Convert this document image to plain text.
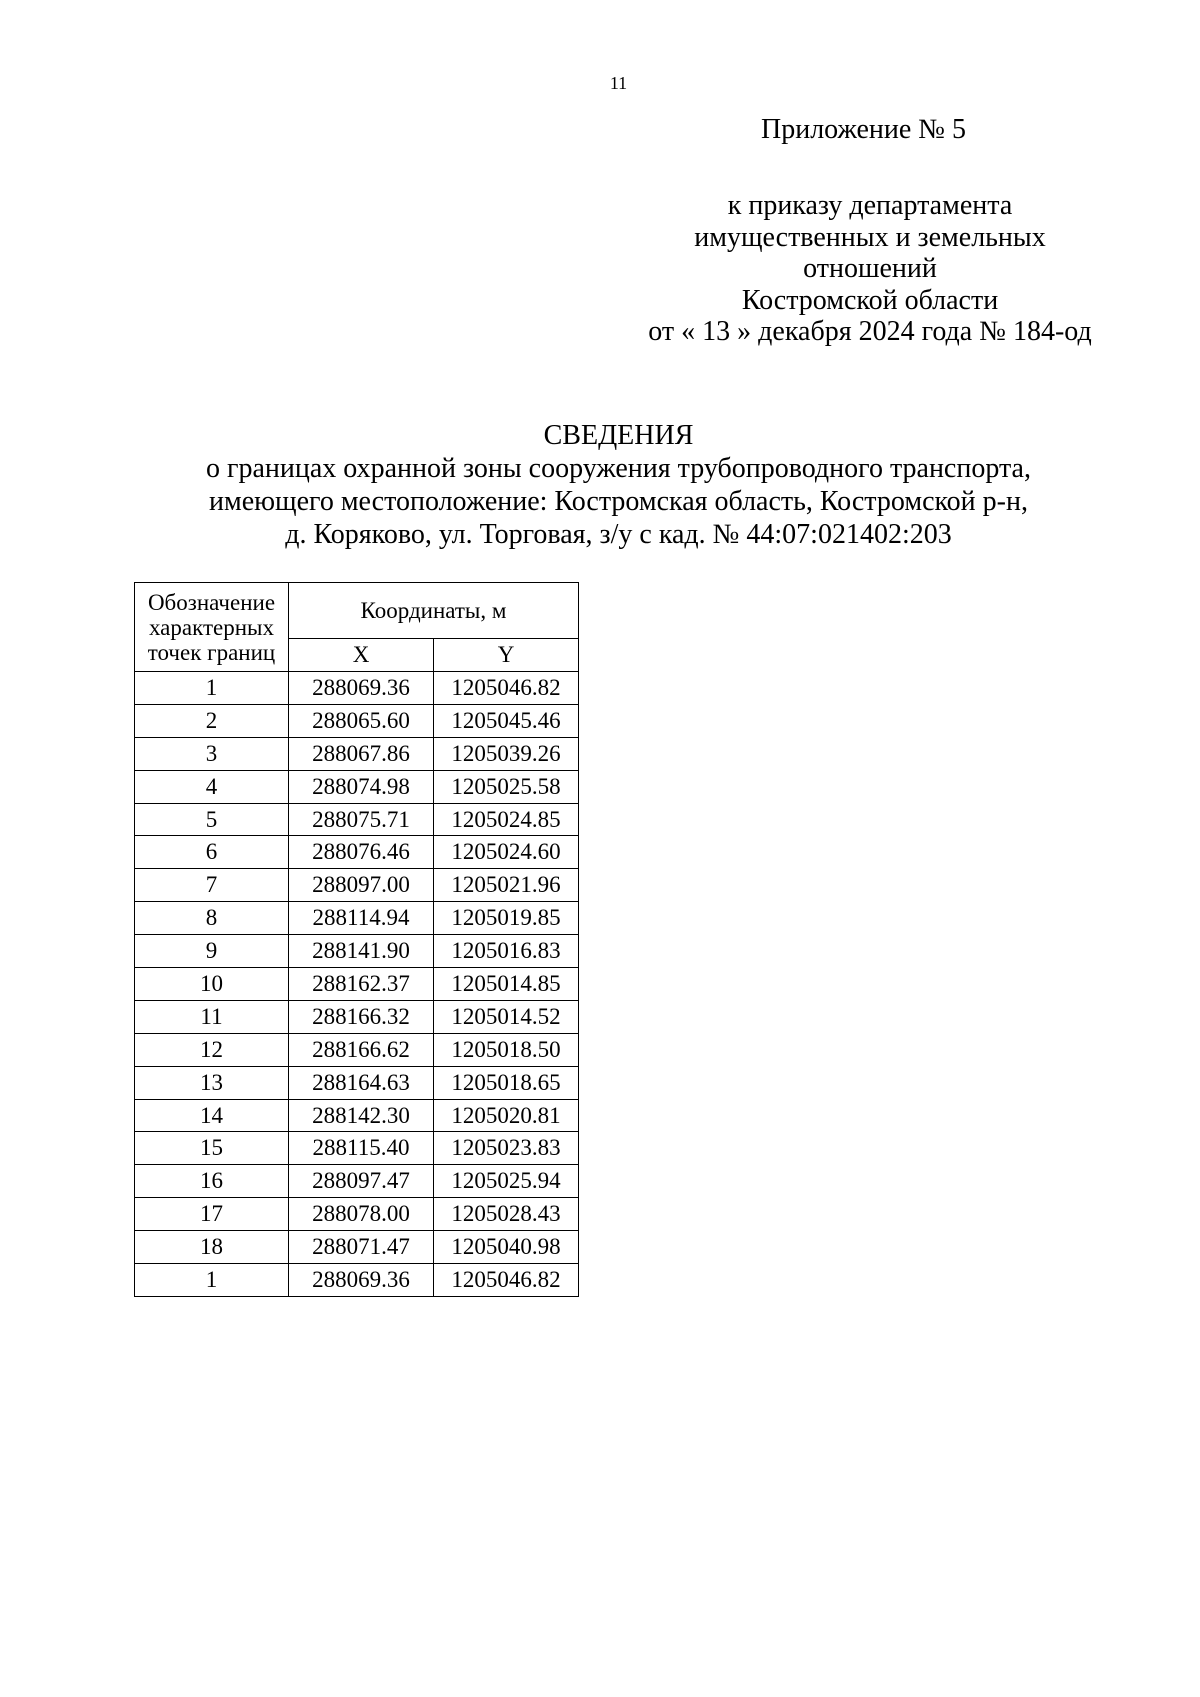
11
Приложение № 5
к приказу департамента
имущественных и земельных
отношений
Костромской области
от « 13 » декабря 2024 года № 184-од
СВЕДЕНИЯ
о границах охранной зоны сооружения трубопроводного транспорта,
имеющего местоположение: Костромская область, Костромской р-н,
д. Коряково, ул. Торговая, з/у с кад. № 44:07:021402:203
Обозначение
характерных
точек границ	Координаты, м	
	X	Y
1	288069.36	1205046.82
2	288065.60	1205045.46
3	288067.86	1205039.26
4	288074.98	1205025.58
5	288075.71	1205024.85
6	288076.46	1205024.60
7	288097.00	1205021.96
8	288114.94	1205019.85
9	288141.90	1205016.83
10	288162.37	1205014.85
11	288166.32	1205014.52
12	288166.62	1205018.50
13	288164.63	1205018.65
14	288142.30	1205020.81
15	288115.40	1205023.83
16	288097.47	1205025.94
17	288078.00	1205028.43
18	288071.47	1205040.98
1	288069.36	1205046.82
